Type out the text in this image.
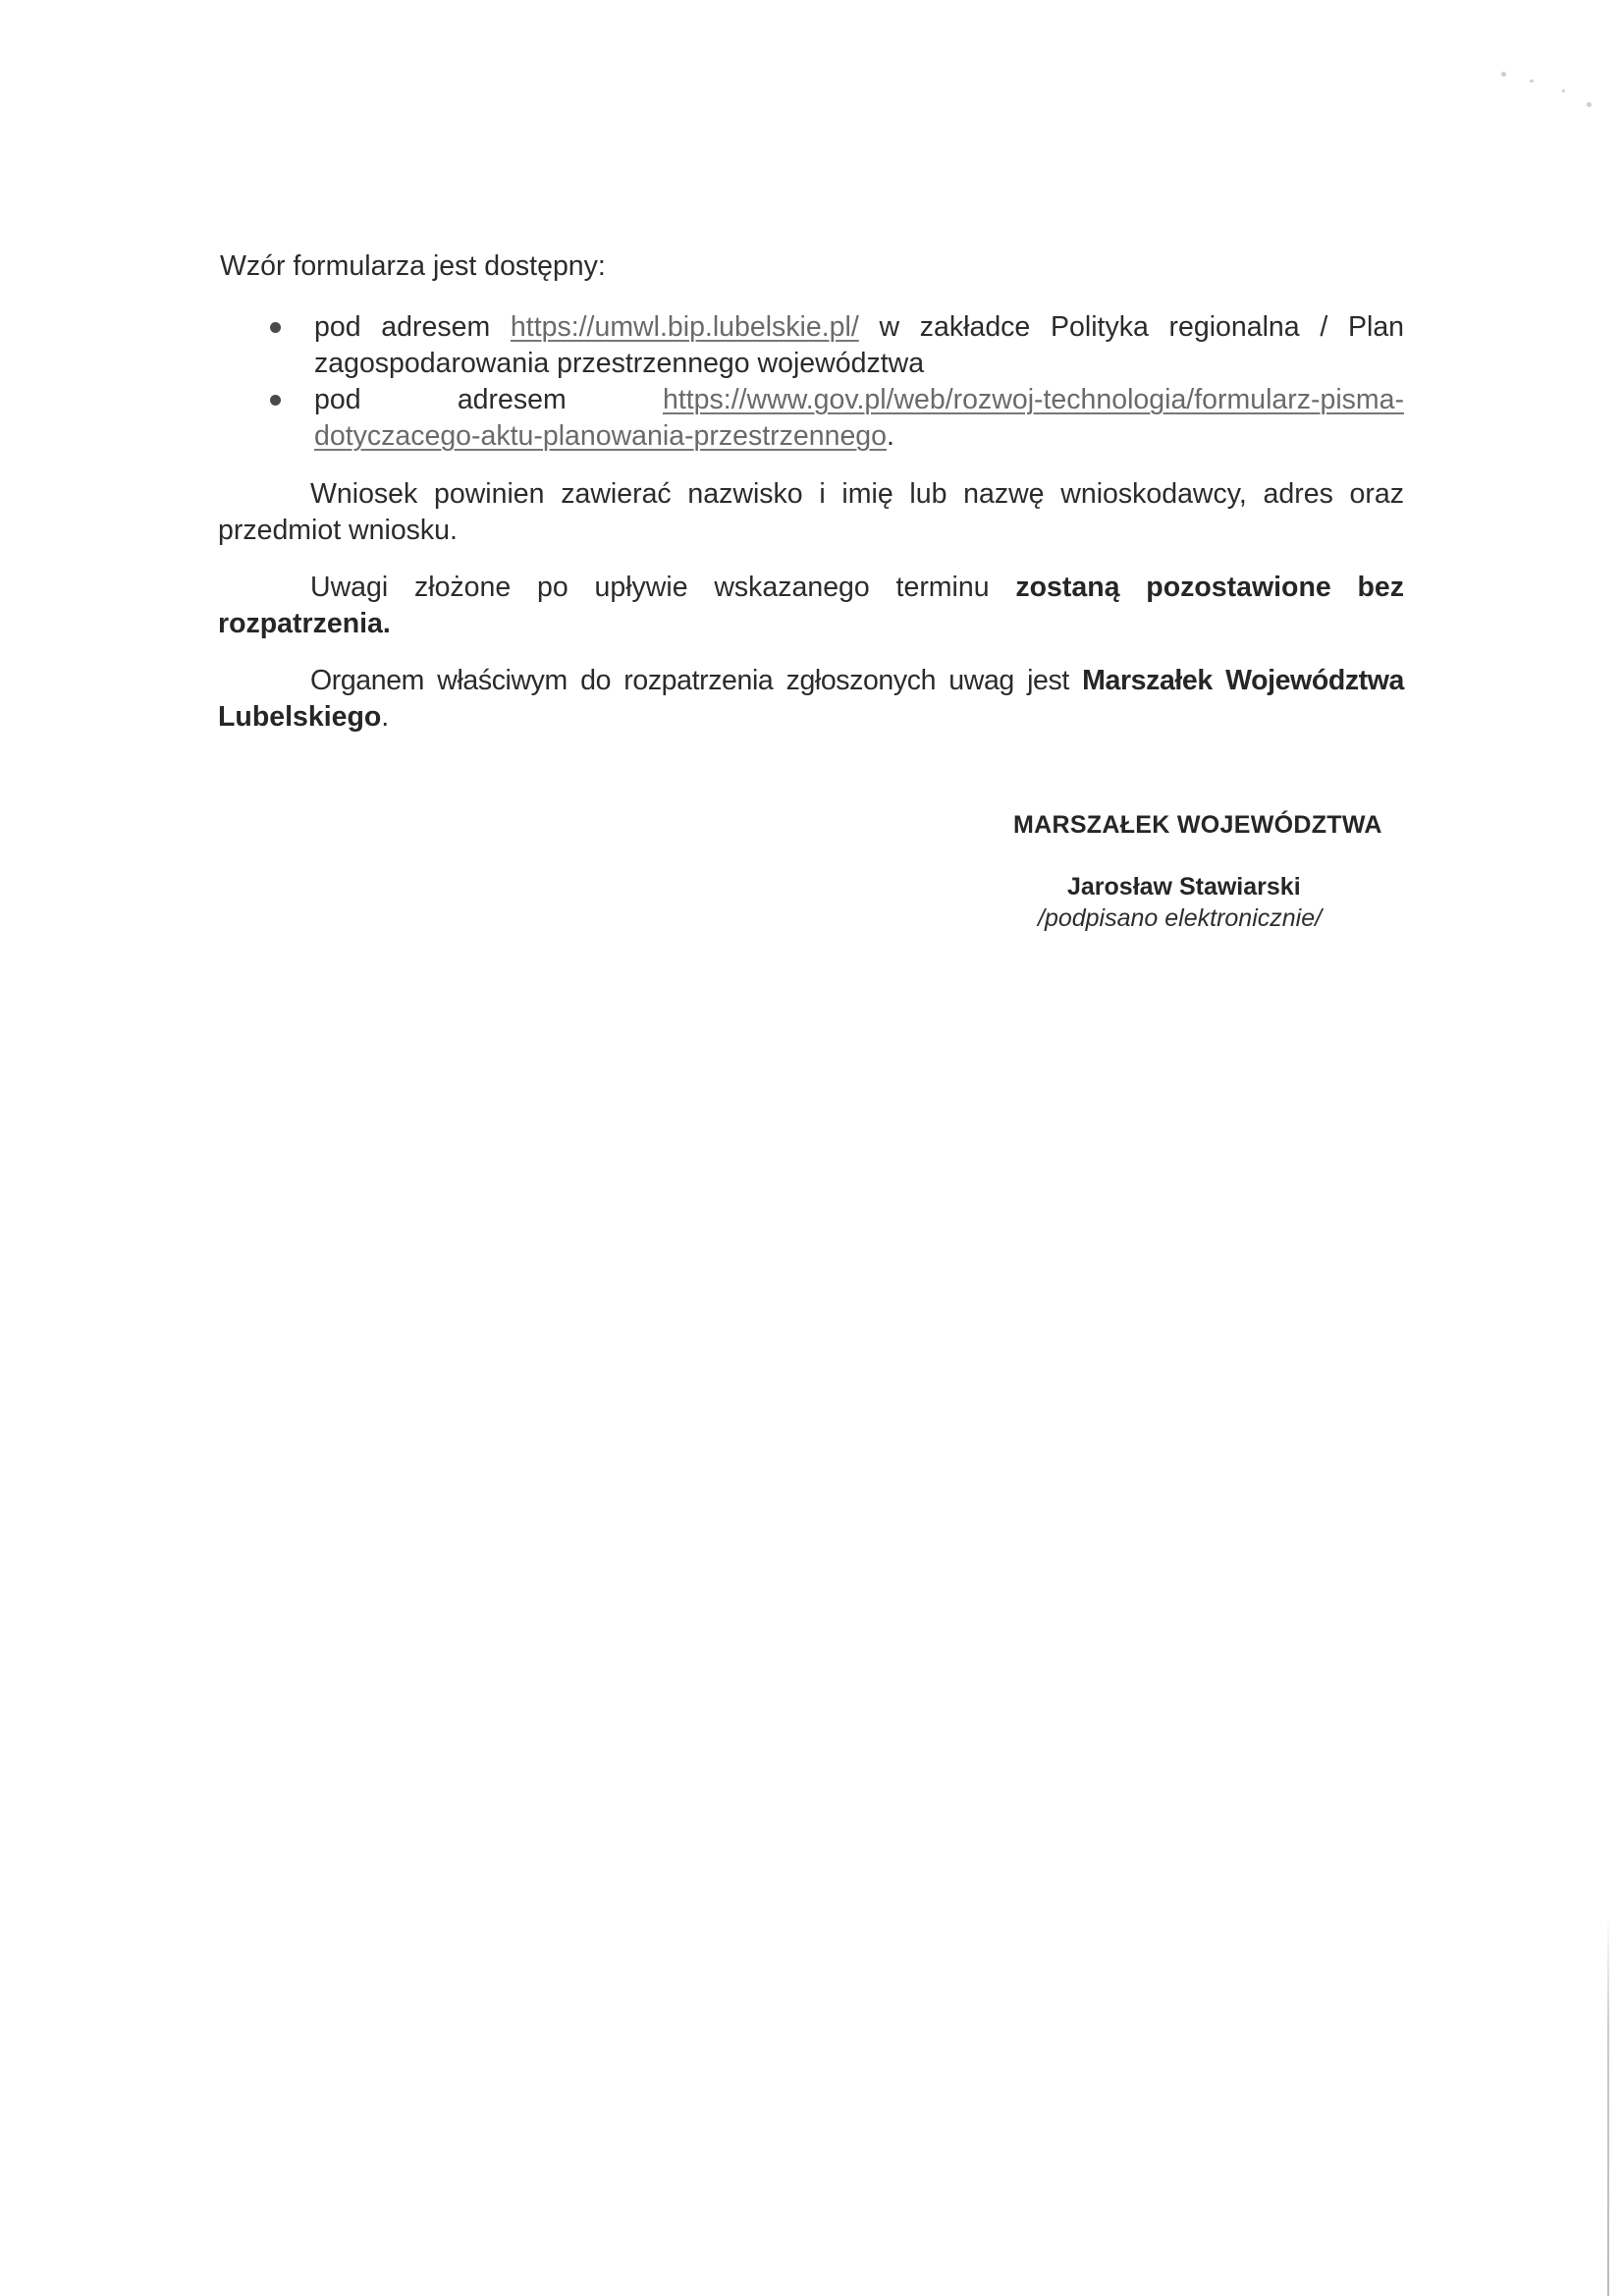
Wzór formularza jest dostępny:
pod adresem https://umwl.bip.lubelskie.pl/ w zakładce Polityka regionalna / Plan
zagospodarowania przestrzennego województwa
pod	adresem	https://www.gov.pl/web/rozwoj-technologia/formularz-pisma-
dotyczacego-aktu-planowania-przestrzennego.
Wniosek powinien zawierać nazwisko i imię lub nazwę wnioskodawcy, adres oraz
przedmiot wniosku.
Uwagi złożone po upływie wskazanego terminu zostaną pozostawione bez
rozpatrzenia.
Organem właściwym do rozpatrzenia zgłoszonych uwag jest Marszałek Województwa
Lubelskiego.
MARSZAŁEK WOJEWÓDZTWA
Jarosław Stawiarski
/podpisano elektronicznie/
